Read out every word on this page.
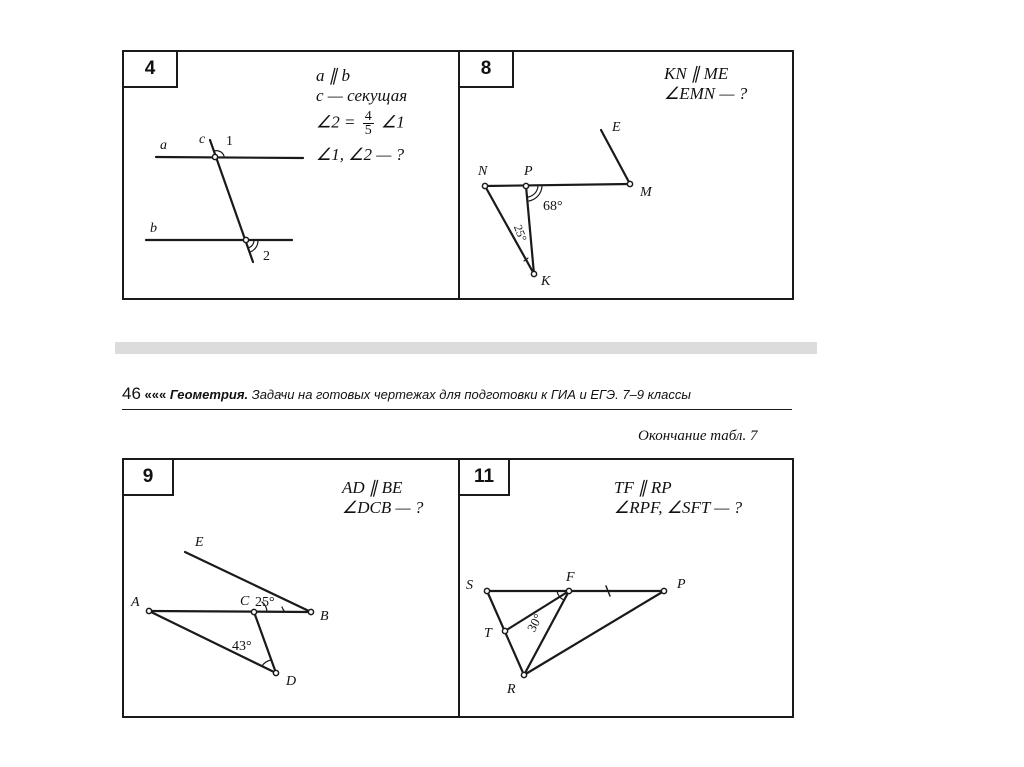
4	8
a ∥ b
c — секущая
∠2 = $\frac{4}{5}$ ∠1
∠1, ∠2 — ?
KN ∥ ME
∠EMN — ?
46 ««« Геометрия. Задачи на готовых чертежах для подготовки к ГИА и ЕГЭ. 7–9 классы
Окончание табл. 7
9	11
AD ∥ BE
∠DCB — ?
TF ∥ RP
∠RPF, ∠SFT — ?
a
b
c 1
2
N	P
E
M
K
68°
25°
E
A	C
B
D
25°
43°
S
F	P
T
R
30°
